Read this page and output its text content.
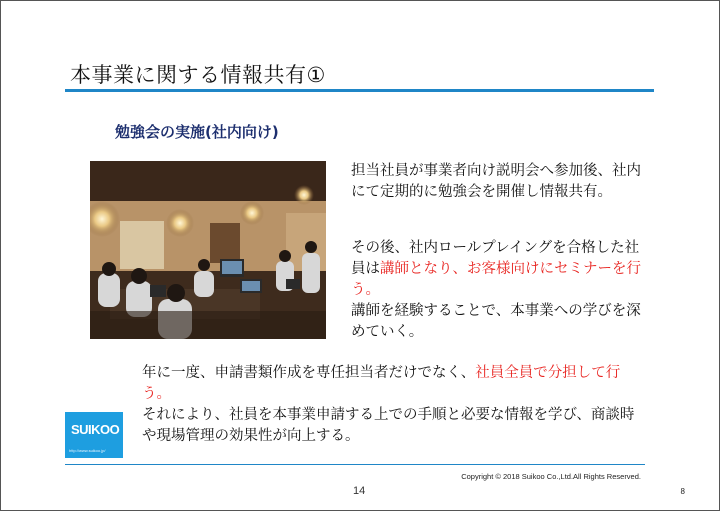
本事業に関する情報共有①
勉強会の実施(社内向け)
担当社員が事業者向け説明会へ参加後、社内にて定期的に勉強会を開催し情報共有。

その後、社内ロールプレイングを合格した社員は講師となり、お客様向けにセミナーを行う。

講師を経験することで、本事業への学びを深めていく。

年に一度、申請書類作成を専任担当者だけでなく、社員全員で分担して行う。

それにより、社員を本事業申請する上での手順と必要な情報を学び、商談時や現場管理の効果性が向上する。

SUIKOO
http://www.suikoo.jp/
Copyright © 2018 Suikoo Co.,Ltd.All Rights Reserved.
14	8
